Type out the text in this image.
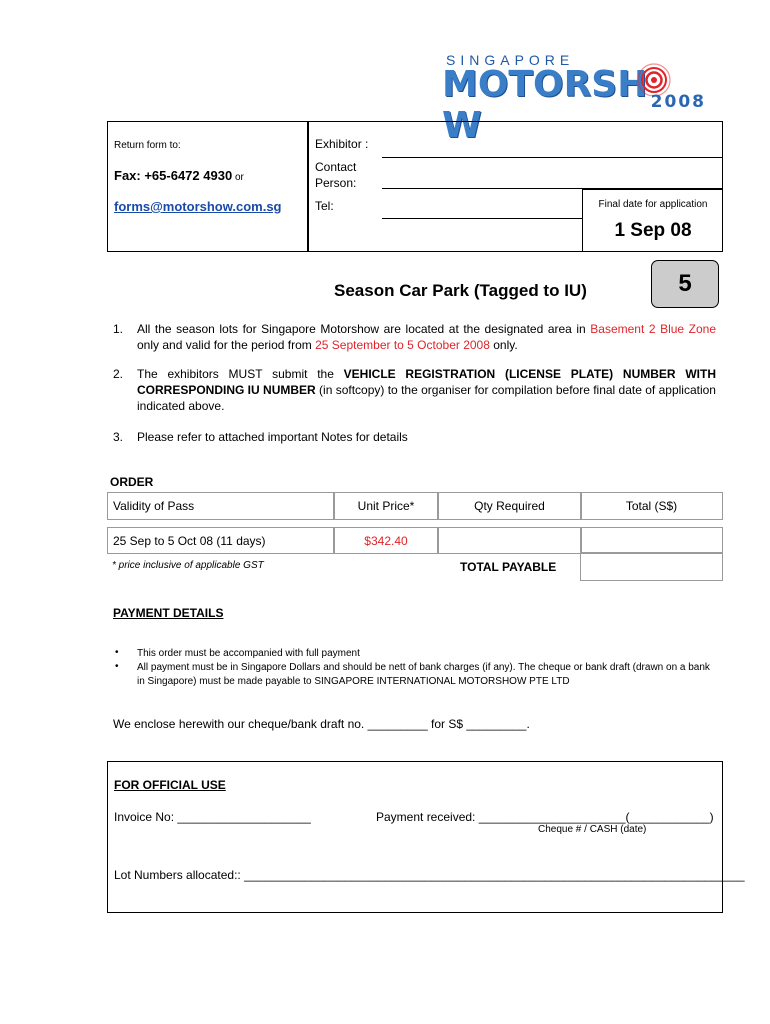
SINGAPORE
MOTORSHW
2008
Return form to:
Fax: +65-6472 4930 or
forms@motorshow.com.sg
Exhibitor :
Contact
Person:
Tel:	Final date for application
1 Sep 08
Season Car Park (Tagged to IU)	5
1. All the season lots for Singapore Motorshow are located at the designated area in Basement 2 Blue Zone only and valid for the period from 25 September to 5 October 2008 only.
2. The exhibitors MUST submit the VEHICLE REGISTRATION (LICENSE PLATE) NUMBER WITH CORRESPONDING IU NUMBER (in softcopy) to the organiser for compilation before final date of application indicated above.
3. Please refer to attached important Notes for details
ORDER
Validity of Pass	Unit Price*	Qty Required	Total (S$)
25 Sep to 5 Oct 08 (11 days)	$342.40
* price inclusive of applicable GST	TOTAL PAYABLE
PAYMENT DETAILS
• This order must be accompanied with full payment
• All payment must be in Singapore Dollars and should be nett of bank charges (if any). The cheque or bank draft (drawn on a bank in Singapore) must be made payable to SINGAPORE INTERNATIONAL MOTORSHOW PTE LTD
We enclose herewith our cheque/bank draft no. _________ for S$ _________.
FOR OFFICIAL USE
Invoice No: ____________________	Payment received: ______________________(____________)
Cheque # / CASH (date)
Lot Numbers allocated:: ___________________________________________________________________________
